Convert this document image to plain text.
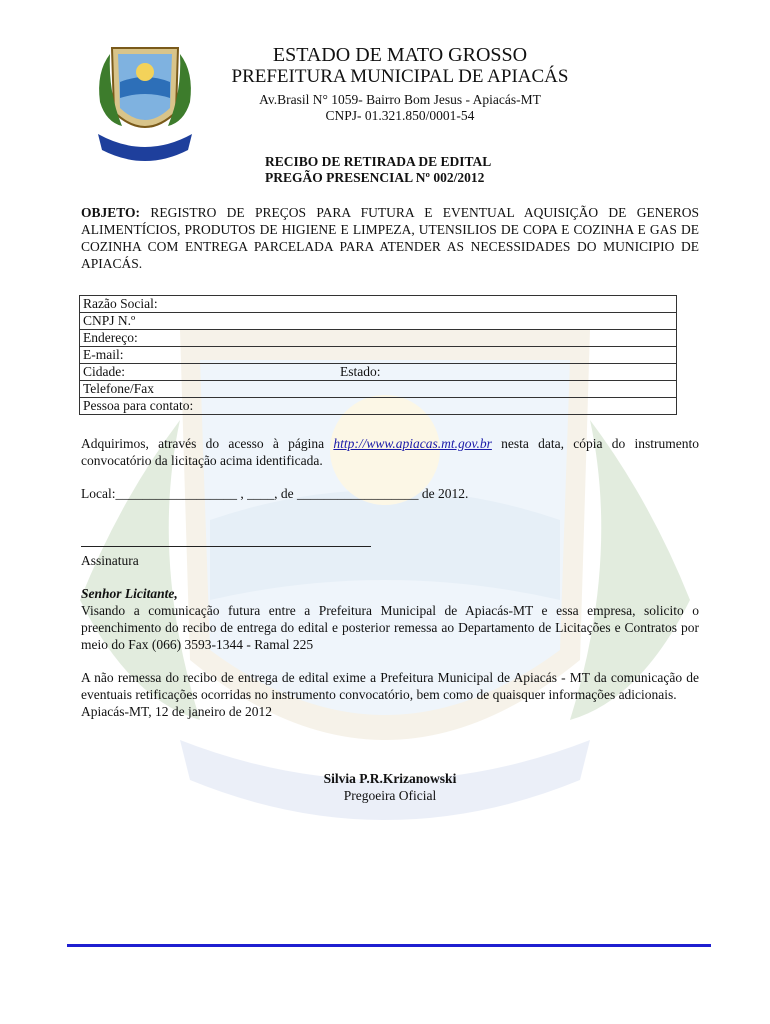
ESTADO DE MATO GROSSO
PREFEITURA MUNICIPAL DE APIACÁS
Av.Brasil N° 1059- Bairro Bom Jesus - Apiacás-MT
CNPJ- 01.321.850/0001-54
RECIBO DE RETIRADA DE EDITAL
PREGÃO PRESENCIAL Nº 002/2012
OBJETO: REGISTRO DE PREÇOS PARA FUTURA E EVENTUAL AQUISIÇÃO DE GENEROS ALIMENTÍCIOS, PRODUTOS DE HIGIENE E LIMPEZA, UTENSILIOS DE COPA E COZINHA E GAS DE COZINHA COM ENTREGA PARCELADA PARA ATENDER AS NECESSIDADES DO MUNICIPIO DE APIACÁS.
Razão Social:
CNPJ N.º
Endereço:
E-mail:
Cidade:	Estado:
Telefone/Fax
Pessoa para contato:
Adquirimos, através do acesso à página http://www.apiacas.mt.gov.br nesta data, cópia do instrumento convocatório da licitação acima identificada.
Local:__________________ , ____, de __________________ de 2012.
Assinatura
Senhor Licitante,
Visando a comunicação futura entre a Prefeitura Municipal de Apiacás-MT e essa empresa, solicito o preenchimento do recibo de entrega do edital e posterior remessa ao Departamento de Licitações e Contratos por meio do Fax (066) 3593-1344 - Ramal 225
A não remessa do recibo de entrega de edital exime a Prefeitura Municipal de Apiacás - MT da comunicação de eventuais retificações ocorridas no instrumento convocatório, bem como de quaisquer informações adicionais.
Apiacás-MT, 12 de janeiro de 2012
Silvia P.R.Krizanowski
Pregoeira Oficial
